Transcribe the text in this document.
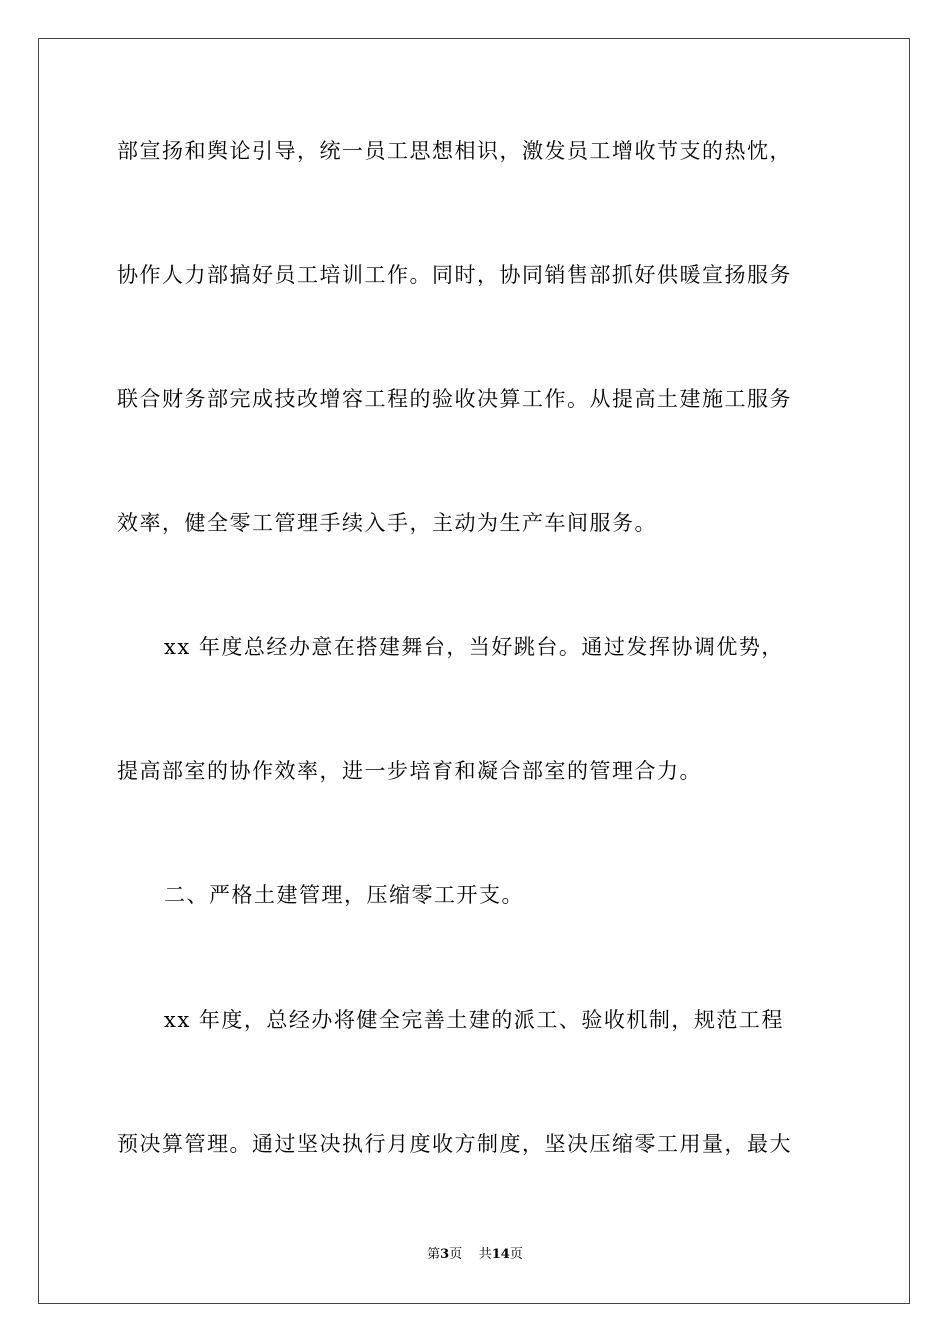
部宣扬和舆论引导，统一员工思想相识，激发员工增收节支的热忱，
协作人力部搞好员工培训工作。同时，协同销售部抓好供暖宣扬服务
联合财务部完成技改增容工程的验收决算工作。从提高土建施工服务
效率，健全零工管理手续入手，主动为生产车间服务。
xx 年度总经办意在搭建舞台，当好跳台。通过发挥协调优势，
提高部室的协作效率，进一步培育和凝合部室的管理合力。
二、严格土建管理，压缩零工开支。
xx 年度，总经办将健全完善土建的派工、验收机制，规范工程
预决算管理。通过坚决执行月度收方制度，坚决压缩零工用量，最大
第3页 共14页
